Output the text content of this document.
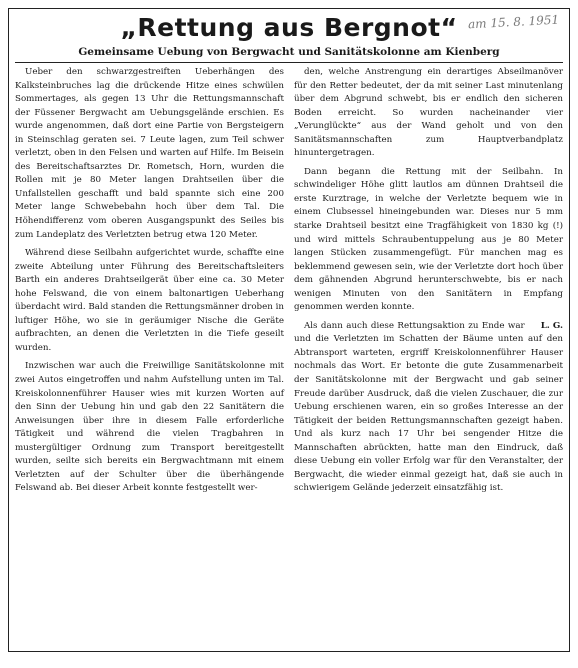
am 15. 8. 1951
„Rettung aus Bergnot“
Gemeinsame Uebung von Bergwacht und Sanitätskolonne am Kienberg

Ueber den schwarzgestreiften Ueberhängen des Kalksteinbruches lag die drückende Hitze eines schwülen Sommertages, als gegen 13 Uhr die Rettungsmannschaft der Füssener Bergwacht am Uebungsgelände erschien. Es wurde angenommen, daß dort eine Partie von Bergsteigern in Steinschlag geraten sei. 7 Leute lagen, zum Teil schwer verletzt, oben in den Felsen und warten auf Hilfe. Im Beisein des Bereitschaftsarztes Dr. Rometsch, Horn, wurden die Rollen mit je 80 Meter langen Drahtseilen über die Unfallstellen geschafft und bald spannte sich eine 200 Meter lange Schwebebahn hoch über dem Tal. Die Höhendifferenz vom oberen Ausgangspunkt des Seiles bis zum Landeplatz des Verletzten betrug etwa 120 Meter.

Während diese Seilbahn aufgerichtet wurde, schaffte eine zweite Abteilung unter Führung des Bereitschaftsleiters Barth ein anderes Drahtseilgerät über eine ca. 30 Meter hohe Felswand, die von einem baltonartigen Ueberhang überdacht wird. Bald standen die Rettungsmänner droben in luftiger Höhe, wo sie in geräumiger Nische die Geräte aufbrachten, an denen die Verletzten in die Tiefe geseilt wurden.

Inzwischen war auch die Freiwillige Sanitätskolonne mit zwei Autos eingetroffen und nahm Aufstellung unten im Tal. Kreiskolonnenführer Hauser wies mit kurzen Worten auf den Sinn der Uebung hin und gab den 22 Sanitätern die Anweisungen über ihre in diesem Falle erforderliche Tätigkeit und während die vielen Tragbahren in mustergültiger Ordnung zum Transport bereitgestellt wurden, seilte sich bereits ein Bergwachtmann mit einem Verletzten auf der Schulter über die überhängende Felswand ab. Bei dieser Arbeit konnte festgestellt wer-

den, welche Anstrengung ein derartiges Abseilmanöver für den Retter bedeutet, der da mit seiner Last minutenlang über dem Abgrund schwebt, bis er endlich den sicheren Boden erreicht. So wurden nacheinander vier „Verunglückte“ aus der Wand geholt und von den Sanitätsmannschaften zum Hauptverbandplatz hinuntergetragen.

Dann begann die Rettung mit der Seilbahn. In schwindeliger Höhe glitt lautlos am dünnen Drahtseil die erste Kurztrage, in welche der Verletzte bequem wie in einem Clubsessel hineingebunden war. Dieses nur 5 mm starke Drahtseil besitzt eine Tragfähigkeit von 1830 kg (!) und wird mittels Schraubentuppelung aus je 80 Meter langen Stücken zusammengefügt. Für manchen mag es beklemmend gewesen sein, wie der Verletzte dort hoch über dem gähnenden Abgrund herunterschwebte, bis er nach wenigen Minuten von den Sanitätern in Empfang genommen werden konnte.

L. G.
Als dann auch diese Rettungsaktion zu Ende war und die Verletzten im Schatten der Bäume unten auf den Abtransport warteten, ergriff Kreiskolonnenführer Hauser nochmals das Wort. Er betonte die gute Zusammenarbeit der Sanitätskolonne mit der Bergwacht und gab seiner Freude darüber Ausdruck, daß die vielen Zuschauer, die zur Uebung erschienen waren, ein so großes Interesse an der Tätigkeit der beiden Rettungsmannschaften gezeigt haben. Und als kurz nach 17 Uhr bei sengender Hitze die Mannschaften abrückten, hatte man den Eindruck, daß diese Uebung ein voller Erfolg war für den Veranstalter, der Bergwacht, die wieder einmal gezeigt hat, daß sie auch in schwierigem Gelände jederzeit einsatzfähig ist.
